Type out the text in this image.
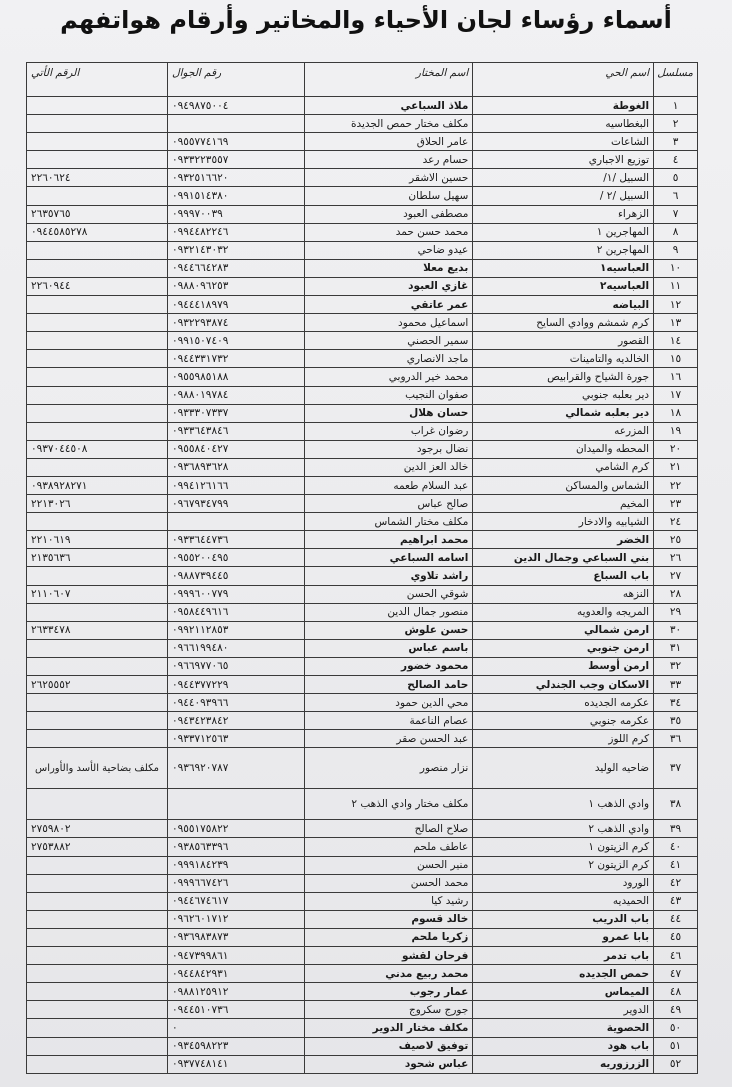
أسماء رؤساء لجان الأحياء والمخاتير وأرقام هواتفهم
مسلسل	اسم الحي	اسم المختار	رقم الجوال	الرقم الأتي
١	الغوطة	ملاذ السباعي	٠٩٤٩٨٧٥٠٠٤	
٢	البغطاسيه	مكلف مختار حمص الجديدة		
٣	الشاعات	عامر الحلاق	٠٩٥٥٧٧٤١٦٩	
٤	توزيع الاجباري	حسام رعد	٠٩٣٣٢٢٣٥٥٧	
٥	السبيل /١/	حسين الاشقر	٠٩٣٢٥١٦٦٢٠	٢٢٦٠٦٢٤
٦	السبيل /٢ /	سهيل سلطان	٠٩٩١٥١٤٣٨٠	
٧	الزهراء	مصطفى العبود	٠٩٩٩٧٠٠٣٩	٢٦٣٥٧٦٥
٨	المهاجرين ١	محمد حسن حمد	٠٩٩٤٤٨٢٢٤٦	٠٩٤٤٥٨٥٢٧٨
٩	المهاجرين ٢	عيدو ضاحي	٠٩٣٢١٤٣٠٣٢	
١٠	العباسيه١	بديع معلا	٠٩٤٤٦٦٤٢٨٣	
١١	العباسيه٢	غازي العبود	٠٩٨٨٠٩٦٢٥٣	٢٢٦٠٩٤٤
١٢	البياضه	عمر عاتقي	٠٩٤٤٤١٨٩٧٩	
١٣	كرم شمشم ووادي السايح	اسماعيل محمود	٠٩٣٢٢٩٣٨٧٤	
١٤	القصور	سمير الحصني	٠٩٩١٥٠٧٤٠٩	
١٥	الخالديه والتامينات	ماجد الانصاري	٠٩٤٤٣٣١٧٣٢	
١٦	جورة الشياح والقرابيص	محمد خير الدروبي	٠٩٥٥٩٨٥١٨٨	
١٧	دير بعلبه جنوبي	صفوان النجيب	٠٩٨٨٠١٩٧٨٤	
١٨	دير بعلبه شمالي	حسان هلال	٠٩٣٣٣٠٧٣٣٧	
١٩	المزرعه	رضوان غراب	٠٩٣٣٦٤٣٨٤٦	
٢٠	المحطه والميدان	نضال برجود	٠٩٥٥٨٤٠٤٢٧	٠٩٣٧٠٤٤٥٠٨
٢١	كرم الشامي	خالد العز الدين	٠٩٣٦٨٩٣٦٢٨	
٢٢	الشماس والمساكن	عبد السلام طعمه	٠٩٩٤١٢٦١٦٦	٠٩٣٨٩٢٨٢٧١
٢٣	المخيم	صالح عباس	٠٩٦٧٩٣٤٧٩٩	٢٢١٣٠٢٦
٢٤	الشيابيه والادخار	مكلف مختار الشماس		
٢٥	الخضر	محمد ابراهيم	٠٩٣٣٦٤٤٧٣٦	٢٢١٠٦١٩
٢٦	بني السباعي وجمال الدين	اسامه السباعي	٠٩٥٥٢٠٠٤٩٥	٢١٣٥٦٣٦
٢٧	باب السباع	راشد تلاوي	٠٩٨٨٧٣٩٤٤٥	
٢٨	النزهه	شوقي الحسن	٠٩٩٩٦٠٠٧٧٩	٢١١٠٦٠٧
٢٩	المريجه والعدويه	منصور جمال الدين	٠٩٥٨٤٤٩٦١٦	
٣٠	ارمن شمالي	حسن علوش	٠٩٩٢١١٢٨٥٣	٢٦٣٣٤٧٨
٣١	ارمن جنوبي	باسم عباس	٠٩٦٦١٩٩٤٨٠	
٣٢	ارمن أوسط	محمود خضور	٠٩٦٦٩٧٧٠٦٥	
٣٣	الاسكان وجب الجندلي	حامد الصالح	٠٩٤٤٣٧٧٢٢٩	٢٦٢٥٥٥٢
٣٤	عكرمه الجديده	محي الدين حمود	٠٩٤٤٠٩٣٩٦٦	
٣٥	عكرمه جنوبي	عصام الناعمة	٠٩٤٣٤٢٣٨٤٢	
٣٦	كرم اللوز	عبد الحسن صقر	٠٩٣٣٧١٢٥٦٣	
٣٧	ضاحيه الوليد	نزار منصور	٠٩٣٦٩٢٠٧٨٧	مكلف بضاحية الأسد والأوراس
٣٨	وادي الذهب ١	مكلف مختار وادي الذهب ٢		
٣٩	وادي الذهب ٢	صلاح الصالح	٠٩٥٥١٧٥٨٢٢	٢٧٥٩٨٠٢
٤٠	كرم الزيتون ١	عاطف ملحم	٠٩٣٨٥٦٣٣٩٦	٢٧٥٣٨٨٢
٤١	كرم الزيتون ٢	منير الحسن	٠٩٩٩١٨٤٢٣٩	
٤٢	الورود	محمد الحسن	٠٩٩٩٦٦٧٤٢٦	
٤٣	الحميديه	رشيد كيا	٠٩٤٤٦٧٤٦١٧	
٤٤	باب الدريب	خالد قسوم	٠٩٦٢٦٠١٧١٢	
٤٥	بابا عمرو	زكريا ملحم	٠٩٣٦٩٨٣٨٧٣	
٤٦	باب تدمر	فرحان لقشو	٠٩٤٧٣٩٩٨٦١	
٤٧	حمص الجديده	محمد ربيع مدني	٠٩٤٤٨٤٢٩٣١	
٤٨	الميماس	عمار رجوب	٠٩٨٨١٢٥٩١٢	
٤٩	الدوير	جورج سكروج	٠٩٤٤٥١٠٧٣٦	
٥٠	الحصوية	مكلف مختار الدوير	٠	
٥١	باب هود	توفيق لاصيف	٠٩٣٤٥٩٨٢٢٣	
٥٢	الزرزوريه	عباس شحود	٠٩٣٧٧٤٨١٤١	
